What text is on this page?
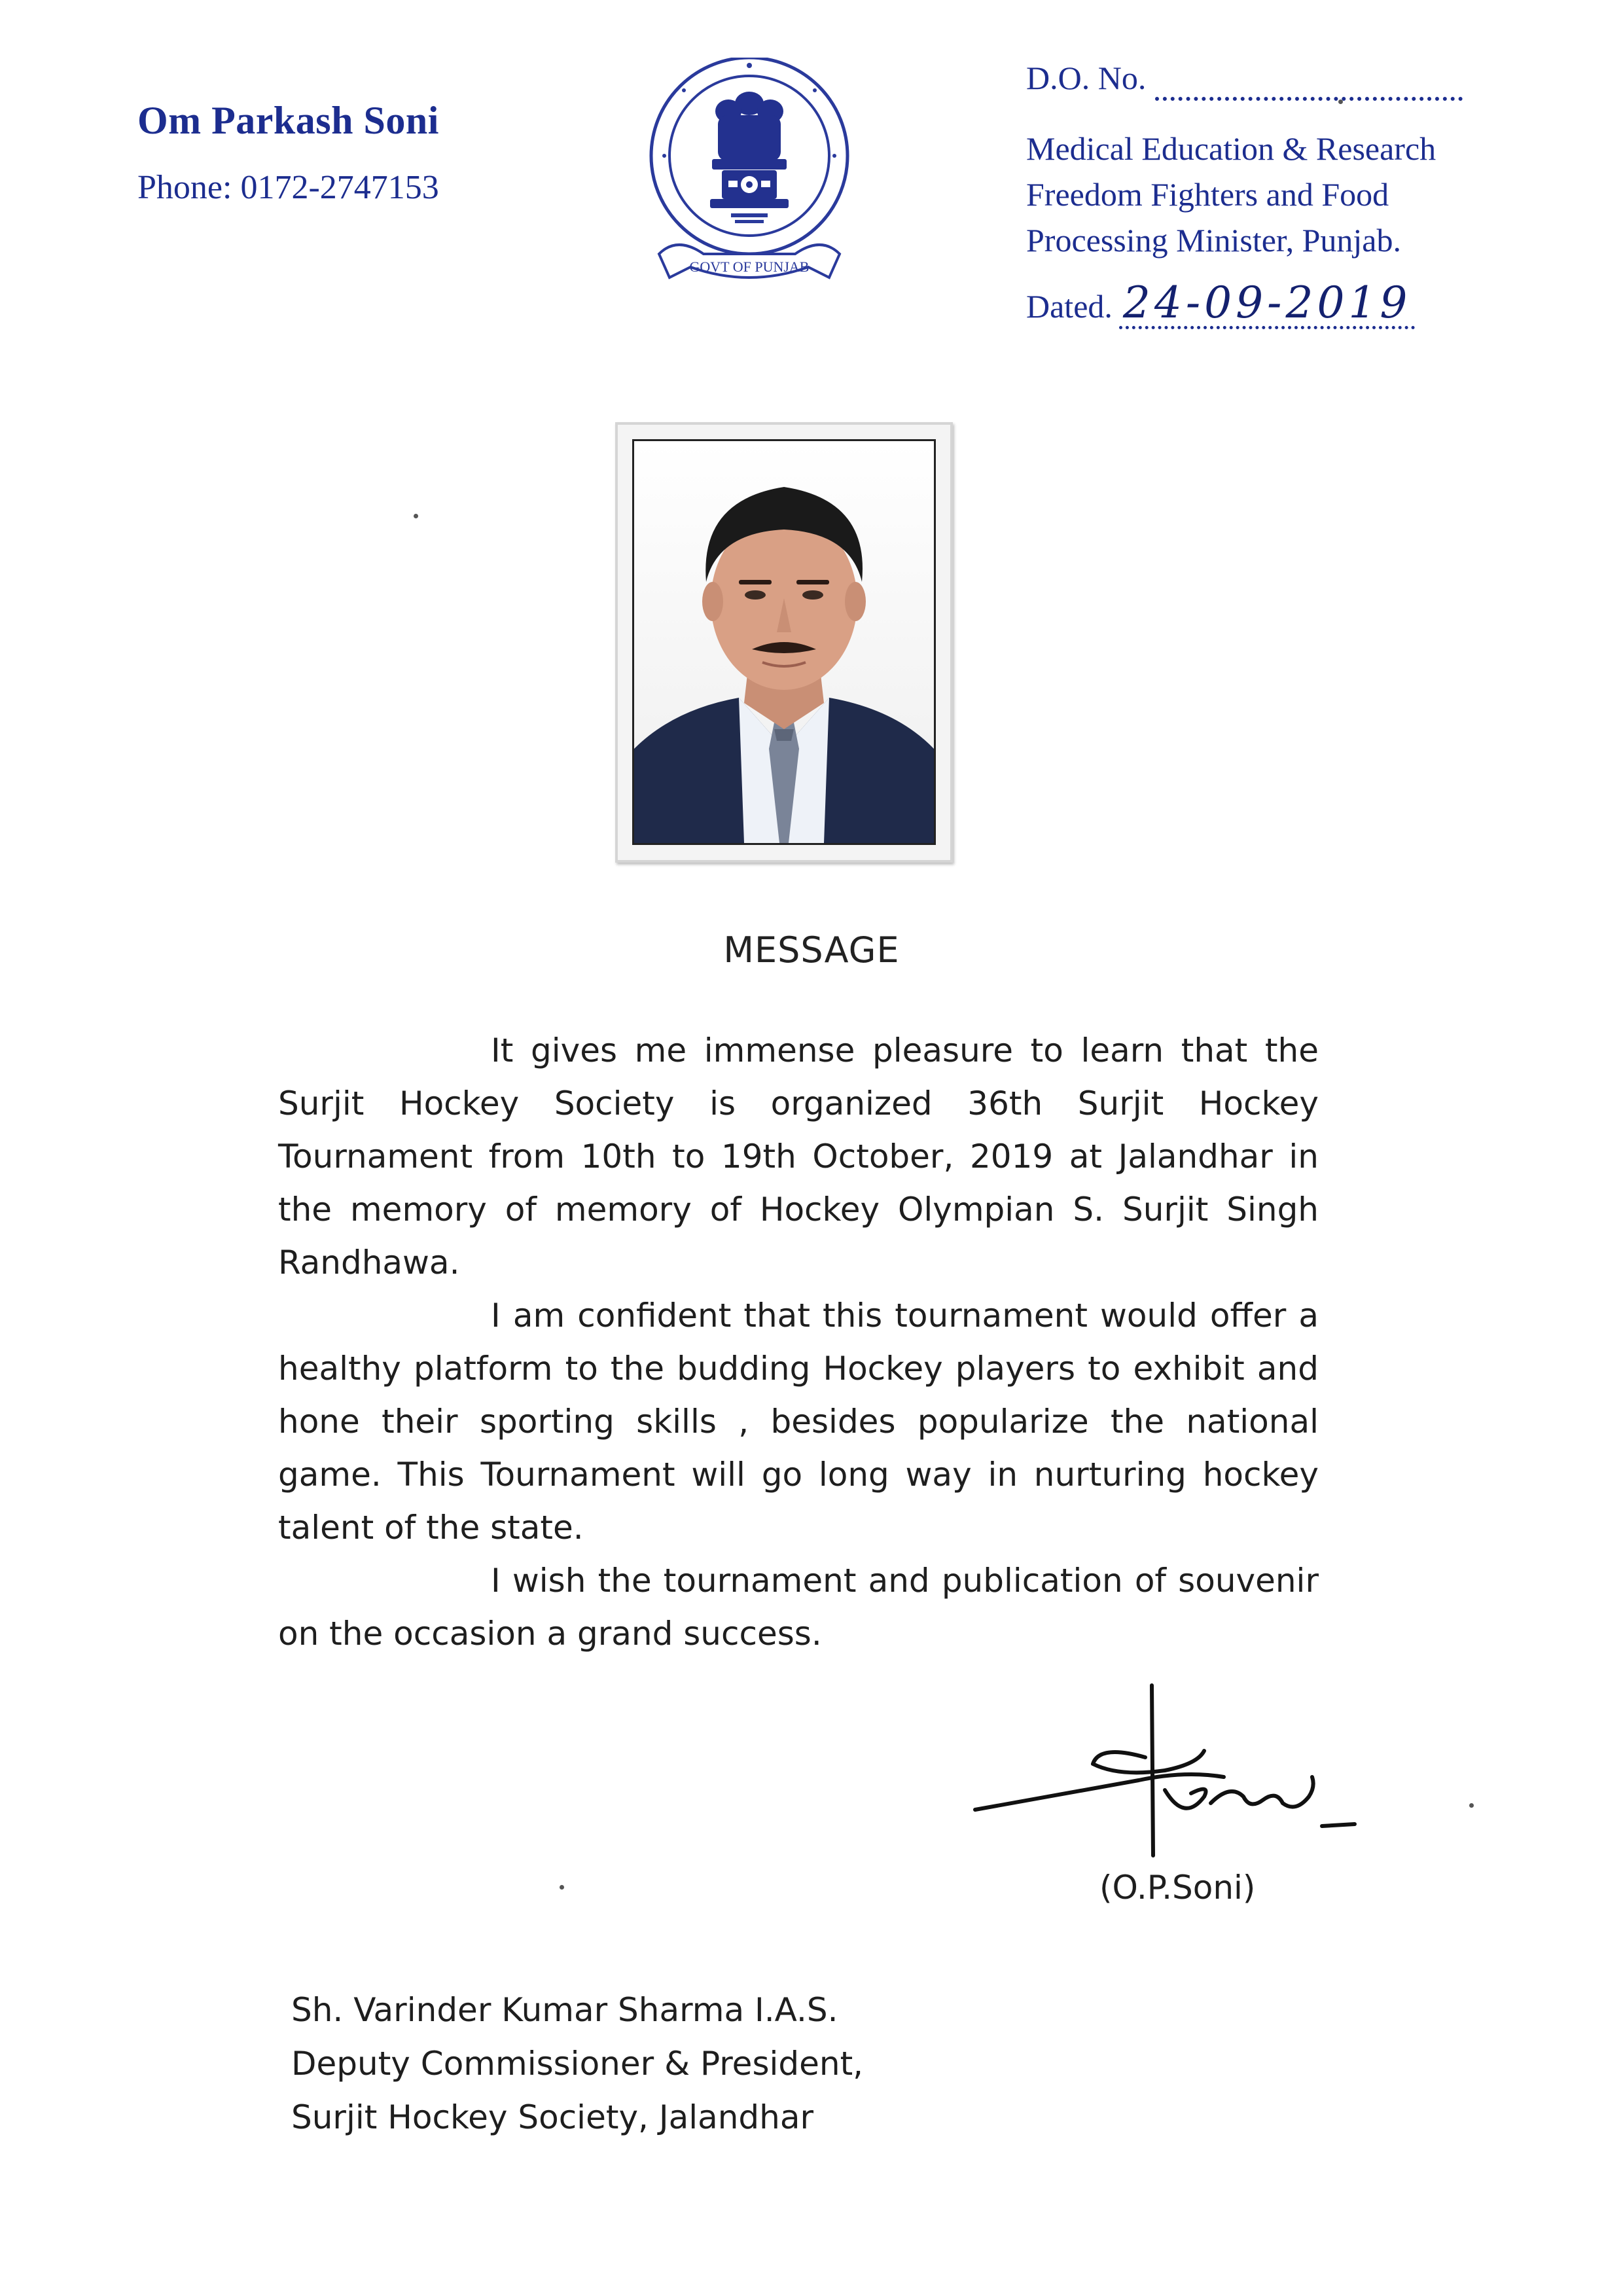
Om Parkash Soni
Phone: 0172-2747153
GOVT OF PUNJAB
D.O. No.
Medical Education & Research
Freedom Fighters and Food
Processing Minister, Punjab.
Dated. 24-09-2019
MESSAGE

It gives me immense pleasure to learn that the Surjit Hockey Society is organized 36th Surjit Hockey Tournament from 10th to 19th October, 2019 at Jalandhar in the memory of memory of Hockey Olympian S. Surjit Singh Randhawa.

I am confident that this tournament would offer a healthy platform to the budding Hockey players to exhibit and hone their sporting skills , besides popularize the national game. This Tournament will go long way in nurturing hockey talent of the state.

I wish the tournament and publication of souvenir on the occasion a grand success.

(O.P.Soni)
Sh. Varinder Kumar Sharma I.A.S.
Deputy Commissioner & President,
Surjit Hockey Society, Jalandhar
